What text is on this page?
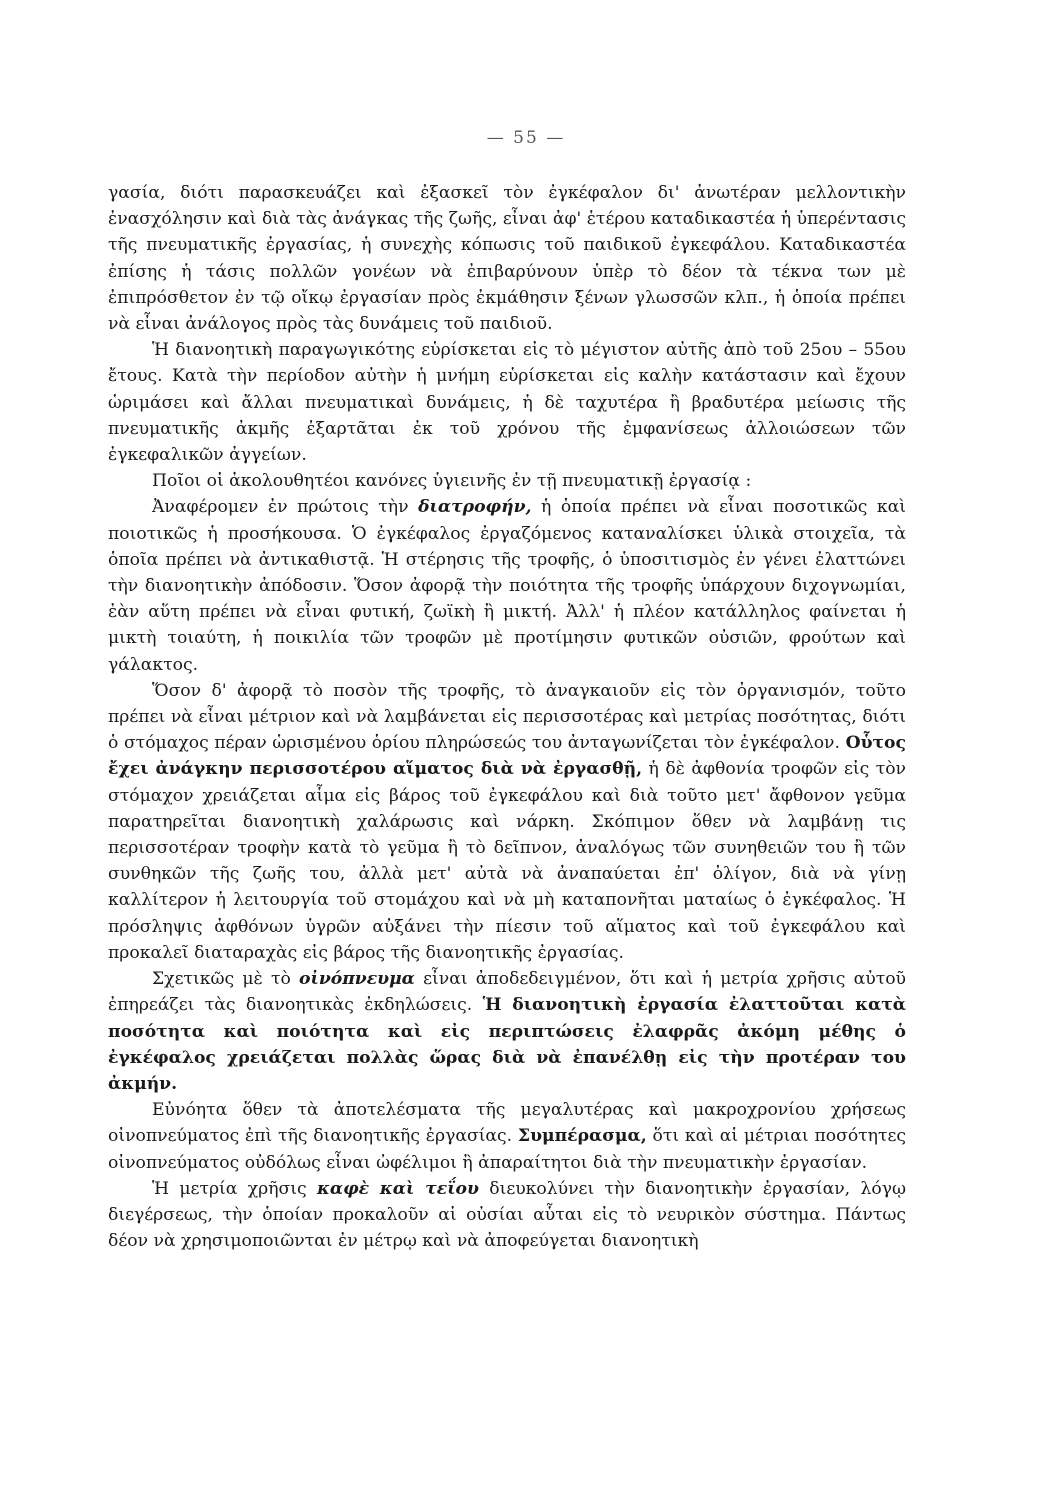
— 55 —

γασία, διότι παρασκευάζει καὶ ἐξασκεῖ τὸν ἐγκέφαλον δι' ἀνωτέραν μελλοντικὴν ἐνασχόλησιν καὶ διὰ τὰς ἀνάγκας τῆς ζωῆς, εἶναι ἀφ' ἑτέρου καταδικαστέα ἡ ὑπερέντασις τῆς πνευματικῆς ἐργασίας, ἡ συνεχὴς κόπωσις τοῦ παιδικοῦ ἐγκεφάλου. Καταδικαστέα ἐπίσης ἡ τάσις πολλῶν γονέων νὰ ἐπιβαρύνουν ὑπὲρ τὸ δέον τὰ τέκνα των μὲ ἐπιπρόσθετον ἐν τῷ οἴκῳ ἐργασίαν πρὸς ἐκμάθησιν ξένων γλωσσῶν κλπ., ἡ ὁποία πρέπει νὰ εἶναι ἀνάλογος πρὸς τὰς δυνάμεις τοῦ παιδιοῦ.

Ἡ διανοητικὴ παραγωγικότης εὑρίσκεται εἰς τὸ μέγιστον αὐτῆς ἀπὸ τοῦ 25ου – 55ου ἔτους. Κατὰ τὴν περίοδον αὐτὴν ἡ μνήμη εὑρίσκεται εἰς καλὴν κατάστασιν καὶ ἔχουν ὡριμάσει καὶ ἄλλαι πνευματικαὶ δυνάμεις, ἡ δὲ ταχυτέρα ἢ βραδυτέρα μείωσις τῆς πνευματικῆς ἀκμῆς ἐξαρτᾶται ἐκ τοῦ χρόνου τῆς ἐμφανίσεως ἀλλοιώσεων τῶν ἐγκεφαλικῶν ἀγγείων.

Ποῖοι οἱ ἀκολουθητέοι κανόνες ὑγιεινῆς ἐν τῇ πνευματικῇ ἐργασίᾳ :

Ἀναφέρομεν ἐν πρώτοις τὴν διατροφήν, ἡ ὁποία πρέπει νὰ εἶναι ποσοτικῶς καὶ ποιοτικῶς ἡ προσήκουσα. Ὁ ἐγκέφαλος ἐργαζόμενος καταναλίσκει ὑλικὰ στοιχεῖα, τὰ ὁποῖα πρέπει νὰ ἀντικαθιστᾷ. Ἡ στέρησις τῆς τροφῆς, ὁ ὑποσιτισμὸς ἐν γένει ἐλαττώνει τὴν διανοητικὴν ἀπόδοσιν. Ὅσον ἀφορᾷ τὴν ποιότητα τῆς τροφῆς ὑπάρχουν διχογνωμίαι, ἐὰν αὕτη πρέπει νὰ εἶναι φυτική, ζωϊκὴ ἢ μικτή. Ἀλλ' ἡ πλέον κατάλληλος φαίνεται ἡ μικτὴ τοιαύτη, ἡ ποικιλία τῶν τροφῶν μὲ προτίμησιν φυτικῶν οὐσιῶν, φρούτων καὶ γάλακτος.

Ὅσον δ' ἀφορᾷ τὸ ποσὸν τῆς τροφῆς, τὸ ἀναγκαιοῦν εἰς τὸν ὀργανισμόν, τοῦτο πρέπει νὰ εἶναι μέτριον καὶ νὰ λαμβάνεται εἰς περισσοτέρας καὶ μετρίας ποσότητας, διότι ὁ στόμαχος πέραν ὡρισμένου ὁρίου πληρώσεώς του ἀνταγωνίζεται τὸν ἐγκέφαλον. Οὗτος ἔχει ἀνάγκην περισσοτέρου αἵματος διὰ νὰ ἐργασθῇ, ἡ δὲ ἀφθονία τροφῶν εἰς τὸν στόμαχον χρειάζεται αἷμα εἰς βάρος τοῦ ἐγκεφάλου καὶ διὰ τοῦτο μετ' ἄφθονον γεῦμα παρατηρεῖται διανοητικὴ χαλάρωσις καὶ νάρκη. Σκόπιμον ὅθεν νὰ λαμβάνῃ τις περισσοτέραν τροφὴν κατὰ τὸ γεῦμα ἢ τὸ δεῖπνον, ἀναλόγως τῶν συνηθειῶν του ἢ τῶν συνθηκῶν τῆς ζωῆς του, ἀλλὰ μετ' αὐτὰ νὰ ἀναπαύεται ἐπ' ὀλίγον, διὰ νὰ γίνῃ καλλίτερον ἡ λειτουργία τοῦ στομάχου καὶ νὰ μὴ καταπονῆται ματαίως ὁ ἐγκέφαλος. Ἡ πρόσληψις ἀφθόνων ὑγρῶν αὐξάνει τὴν πίεσιν τοῦ αἵματος καὶ τοῦ ἐγκεφάλου καὶ προκαλεῖ διαταραχὰς εἰς βάρος τῆς διανοητικῆς ἐργασίας.

Σχετικῶς μὲ τὸ οἰνόπνευμα εἶναι ἀποδεδειγμένον, ὅτι καὶ ἡ μετρία χρῆσις αὐτοῦ ἐπηρεάζει τὰς διανοητικὰς ἐκδηλώσεις. Ἡ διανοητικὴ ἐργασία ἐλαττοῦται κατὰ ποσότητα καὶ ποιότητα καὶ εἰς περιπτώσεις ἐλαφρᾶς ἀκόμη μέθης ὁ ἐγκέφαλος χρειάζεται πολλὰς ὥρας διὰ νὰ ἐπανέλθῃ εἰς τὴν προτέραν του ἀκμήν.

Εὐνόητα ὅθεν τὰ ἀποτελέσματα τῆς μεγαλυτέρας καὶ μακροχρονίου χρήσεως οἰνοπνεύματος ἐπὶ τῆς διανοητικῆς ἐργασίας. Συμπέρασμα, ὅτι καὶ αἱ μέτριαι ποσότητες οἰνοπνεύματος οὐδόλως εἶναι ὠφέλιμοι ἢ ἀπαραίτητοι διὰ τὴν πνευματικὴν ἐργασίαν.

Ἡ μετρία χρῆσις καφὲ καὶ τεΐου διευκολύνει τὴν διανοητικὴν ἐργασίαν, λόγῳ διεγέρσεως, τὴν ὁποίαν προκαλοῦν αἱ οὐσίαι αὗται εἰς τὸ νευρικὸν σύστημα. Πάντως δέον νὰ χρησιμοποιῶνται ἐν μέτρῳ καὶ νὰ ἀποφεύγεται διανοητικὴ
